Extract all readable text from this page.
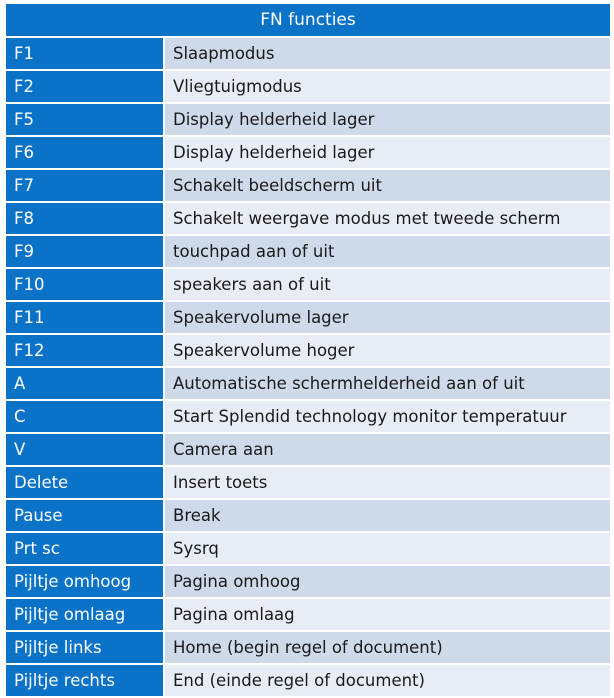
FN functies	
F1	Slaapmodus
F2	Vliegtuigmodus
F5	Display helderheid lager
F6	Display helderheid lager
F7	Schakelt beeldscherm uit
F8	Schakelt weergave modus met tweede scherm
F9	touchpad aan of uit
F10	speakers aan of uit
F11	Speakervolume lager
F12	Speakervolume hoger
A	Automatische schermhelderheid aan of uit
C	Start Splendid technology monitor temperatuur
V	Camera aan
Delete	Insert toets
Pause	Break
Prt sc	Sysrq
Pijltje omhoog	Pagina omhoog
Pijltje omlaag	Pagina omlaag
Pijltje links	Home (begin regel of document)
Pijltje rechts	End (einde regel of document)
